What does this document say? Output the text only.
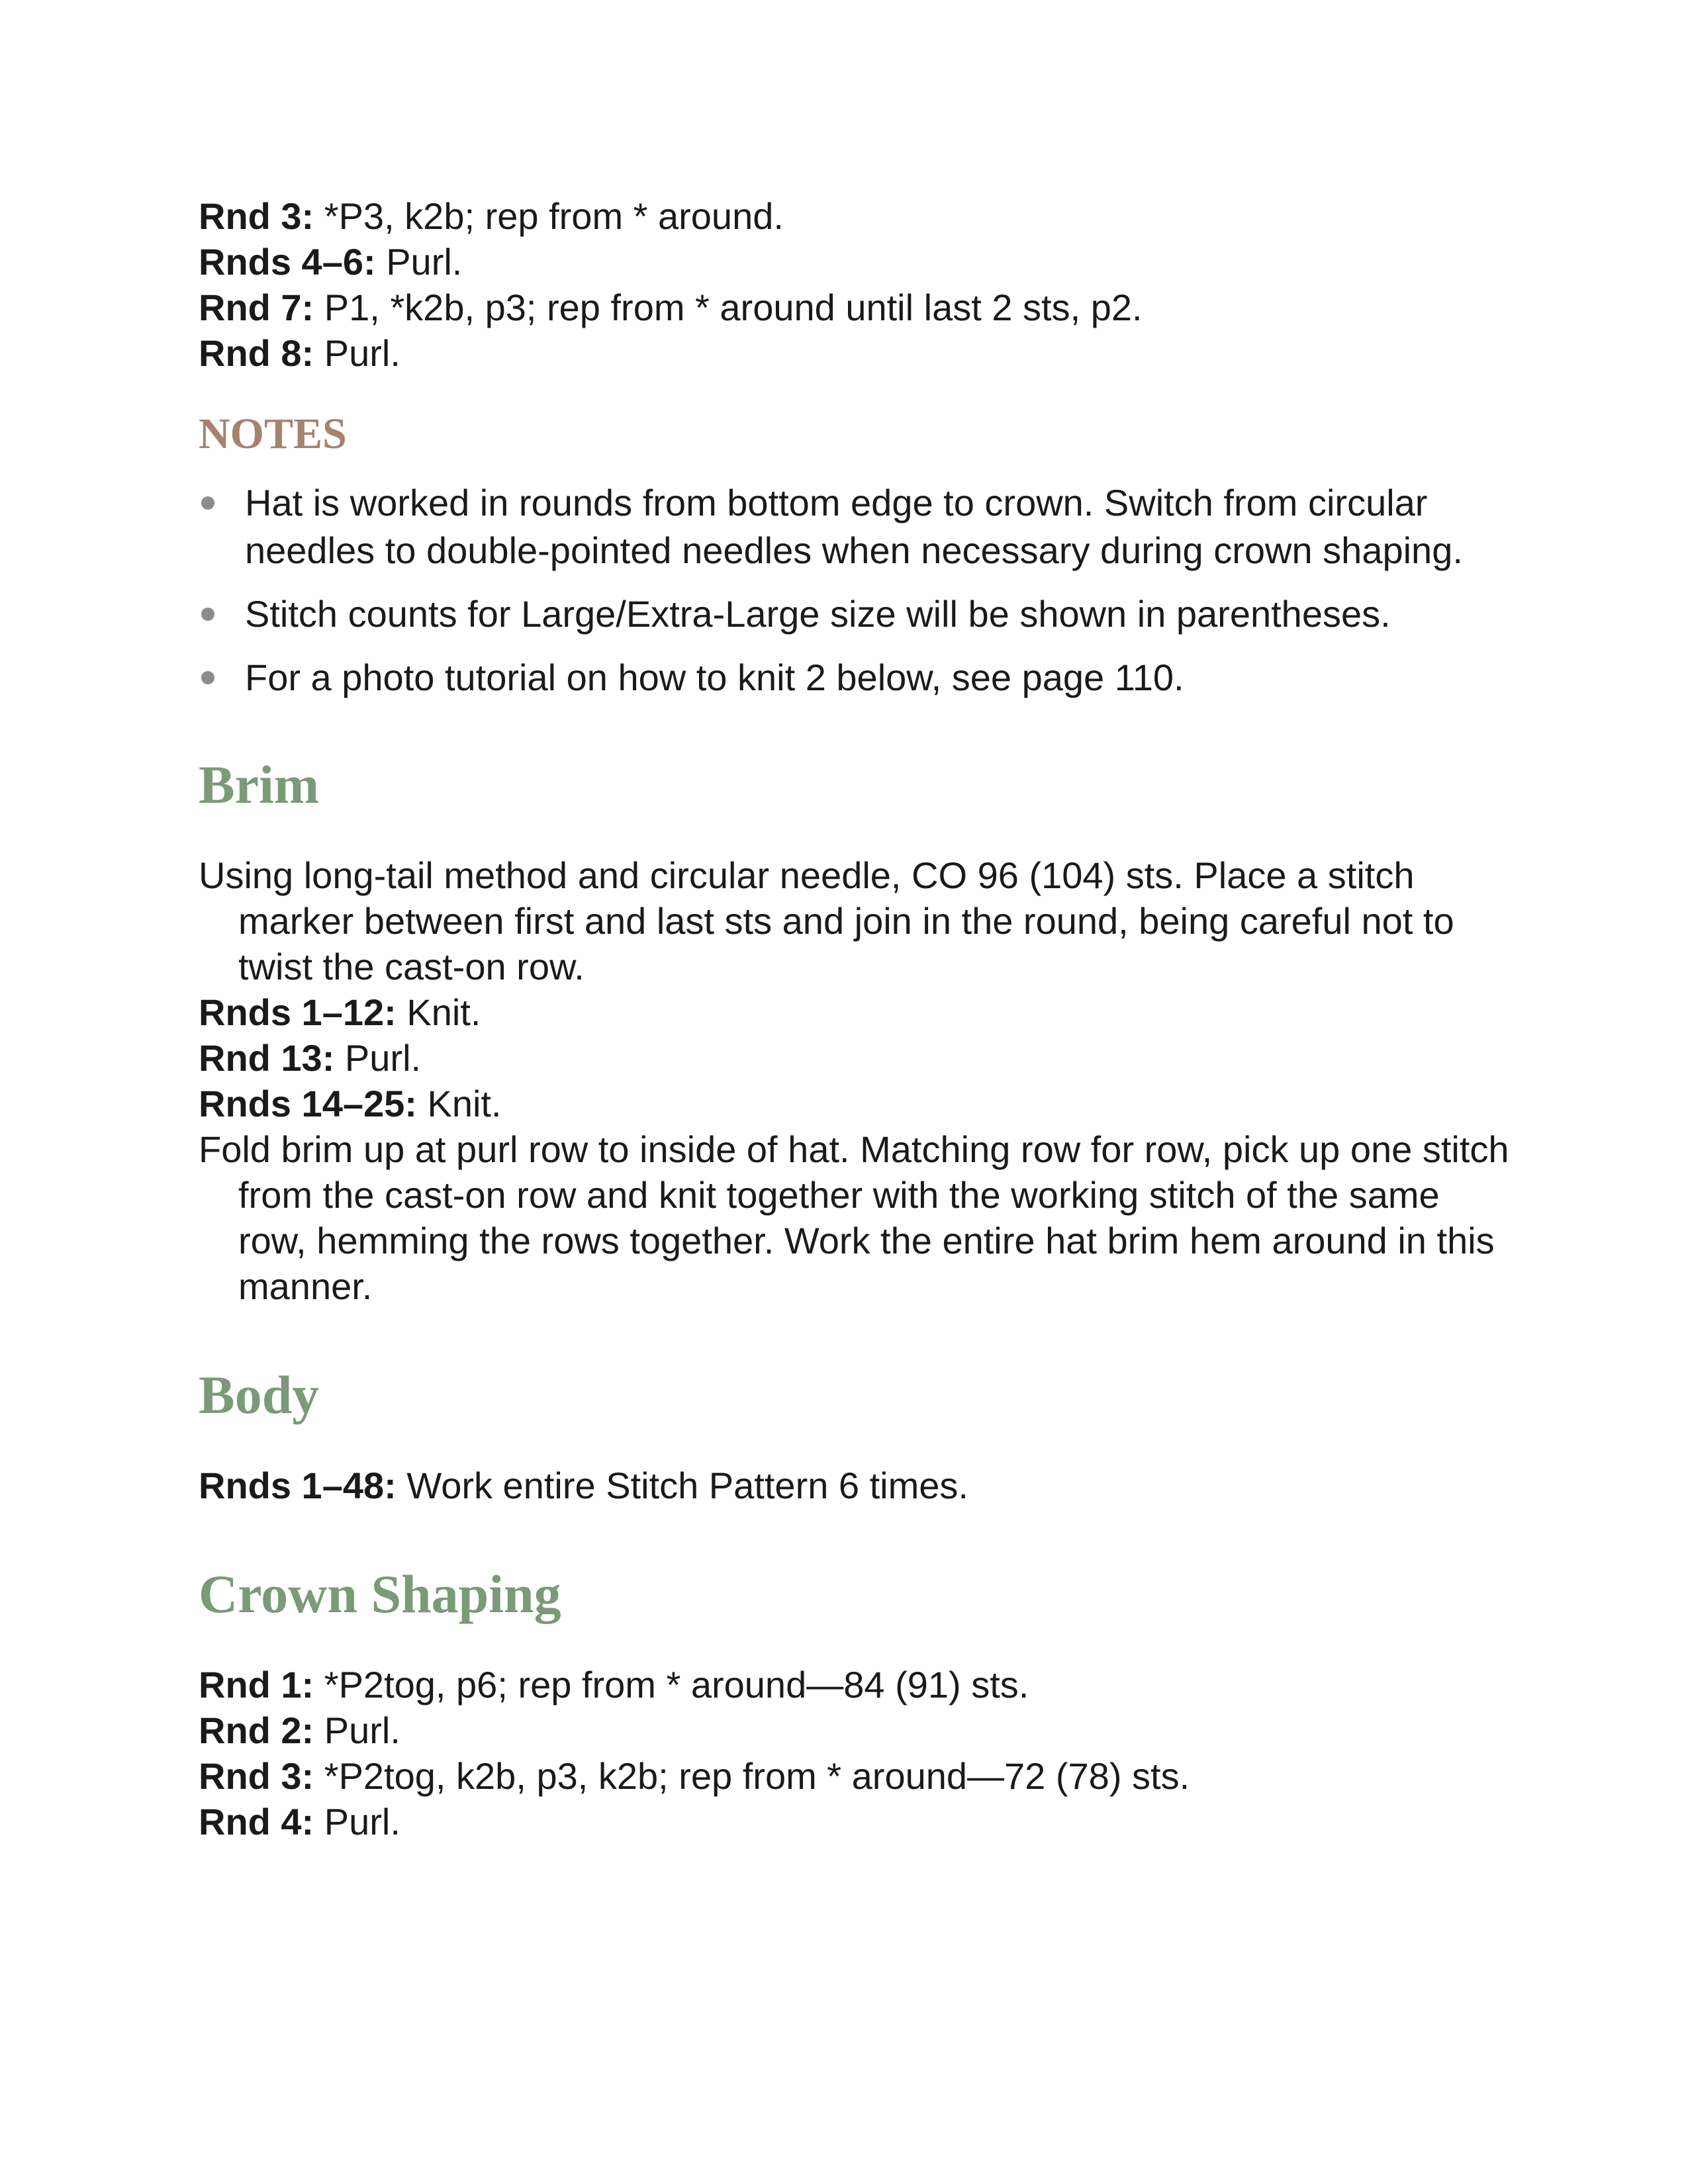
Rnd 3: *P3, k2b; rep from * around.
Rnds 4–6: Purl.
Rnd 7: P1, *k2b, p3; rep from * around until last 2 sts, p2.
Rnd 8: Purl.
NOTES
Hat is worked in rounds from bottom edge to crown. Switch from circular needles to double-pointed needles when necessary during crown shaping.
Stitch counts for Large/Extra-Large size will be shown in parentheses.
For a photo tutorial on how to knit 2 below, see page 110.
Brim
Using long-tail method and circular needle, CO 96 (104) sts. Place a stitch marker between first and last sts and join in the round, being careful not to twist the cast-on row.
Rnds 1–12: Knit.
Rnd 13: Purl.
Rnds 14–25: Knit.
Fold brim up at purl row to inside of hat. Matching row for row, pick up one stitch from the cast-on row and knit together with the working stitch of the same row, hemming the rows together. Work the entire hat brim hem around in this manner.
Body
Rnds 1–48: Work entire Stitch Pattern 6 times.
Crown Shaping
Rnd 1: *P2tog, p6; rep from * around—84 (91) sts.
Rnd 2: Purl.
Rnd 3: *P2tog, k2b, p3, k2b; rep from * around—72 (78) sts.
Rnd 4: Purl.
